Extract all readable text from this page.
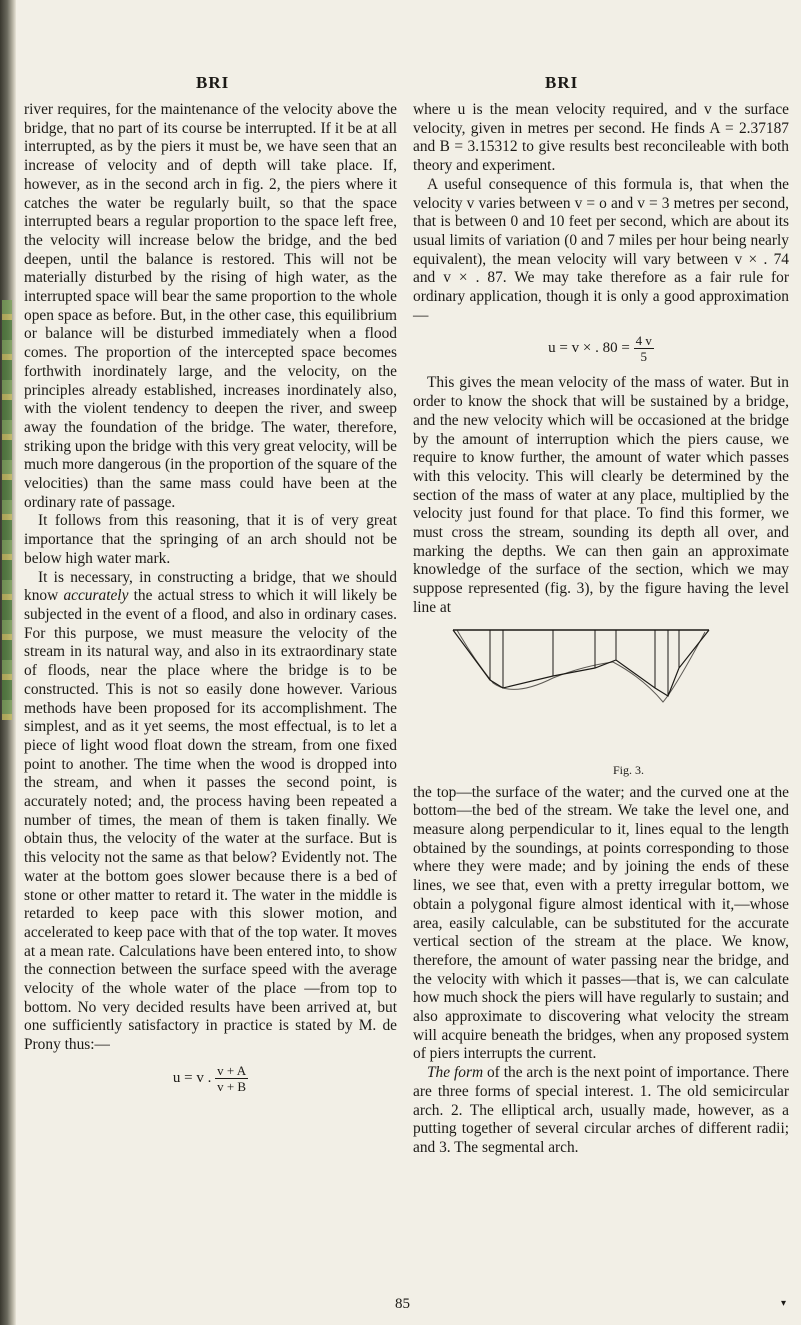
BRI	BRI

river requires, for the maintenance of the velocity above the bridge, that no part of its course be interrupted. If it be at all interrupted, as by the piers it must be, we have seen that an increase of velocity and of depth will take place. If, however, as in the second arch in fig. 2, the piers where it catches the water be regularly built, so that the space interrupted bears a regular proportion to the space left free, the velocity will increase below the bridge, and the bed deepen, until the balance is restored. This will not be materially disturbed by the rising of high water, as the interrupted space will bear the same proportion to the whole open space as before. But, in the other case, this equilibrium or balance will be disturbed immediately when a flood comes. The proportion of the intercepted space becomes forthwith inordinately large, and the velocity, on the principles already established, increases inordinately also, with the violent tendency to deepen the river, and sweep away the foundation of the bridge. The water, therefore, striking upon the bridge with this very great velocity, will be much more dangerous (in the proportion of the square of the velocities) than the same mass could have been at the ordinary rate of passage.

It follows from this reasoning, that it is of very great importance that the springing of an arch should not be below high water mark.

It is necessary, in constructing a bridge, that we should know accurately the actual stress to which it will likely be subjected in the event of a flood, and also in ordinary cases. For this purpose, we must measure the velocity of the stream in its natural way, and also in its extraordinary state of floods, near the place where the bridge is to be constructed. This is not so easily done however. Various methods have been proposed for its accomplishment. The simplest, and as it yet seems, the most effectual, is to let a piece of light wood float down the stream, from one fixed point to another. The time when the wood is dropped into the stream, and when it passes the second point, is accurately noted; and, the process having been repeated a number of times, the mean of them is taken finally. We obtain thus, the velocity of the water at the surface. But is this velocity not the same as that below? Evidently not. The water at the bottom goes slower because there is a bed of stone or other matter to retard it. The water in the middle is retarded to keep pace with this slower motion, and accelerated to keep pace with that of the top water. It moves at a mean rate. Calculations have been entered into, to show the connection between the surface speed with the average velocity of the whole water of the place —from top to bottom. No very decided results have been arrived at, but one sufficiently satisfactory in practice is stated by M. de Prony thus:—

u = v . $\frac{v + A}{v + B}$

where u is the mean velocity required, and v the surface velocity, given in metres per second. He finds A = 2.37187 and B = 3.15312 to give results best reconcileable with both theory and experiment.

A useful consequence of this formula is, that when the velocity v varies between v = o and v = 3 metres per second, that is between 0 and 10 feet per second, which are about its usual limits of variation (0 and 7 miles per hour being nearly equivalent), the mean velocity will vary between v × . 74 and v × . 87. We may take therefore as a fair rule for ordinary application, though it is only a good approximation—

u = v × . $80 = \frac{4 v}{5}$

This gives the mean velocity of the mass of water. But in order to know the shock that will be sustained by a bridge, and the new velocity which will be occasioned at the bridge by the amount of interruption which the piers cause, we require to know further, the amount of water which passes with this velocity. This will clearly be determined by the section of the mass of water at any place, multiplied by the velocity just found for that place. To find this former, we must cross the stream, sounding its depth all over, and marking the depths. We can then gain an approximate knowledge of the surface of the section, which we may suppose represented (fig. 3), by the figure having the level line at

Fig. 3.

the top—the surface of the water; and the curved one at the bottom—the bed of the stream. We take the level one, and measure along perpendicular to it, lines equal to the length obtained by the soundings, at points corresponding to those where they were made; and by joining the ends of these lines, we see that, even with a pretty irregular bottom, we obtain a polygonal figure almost identical with it,—whose area, easily calculable, can be substituted for the accurate vertical section of the stream at the place. We know, therefore, the amount of water passing near the bridge, and the velocity with which it passes—that is, we can calculate how much shock the piers will have regularly to sustain; and also approximate to discovering what velocity the stream will acquire beneath the bridges, when any proposed system of piers interrupts the current.

The form of the arch is the next point of importance. There are three forms of special interest. 1. The old semicircular arch. 2. The elliptical arch, usually made, however, as a putting together of several circular arches of different radii; and 3. The segmental arch.

85	▾
